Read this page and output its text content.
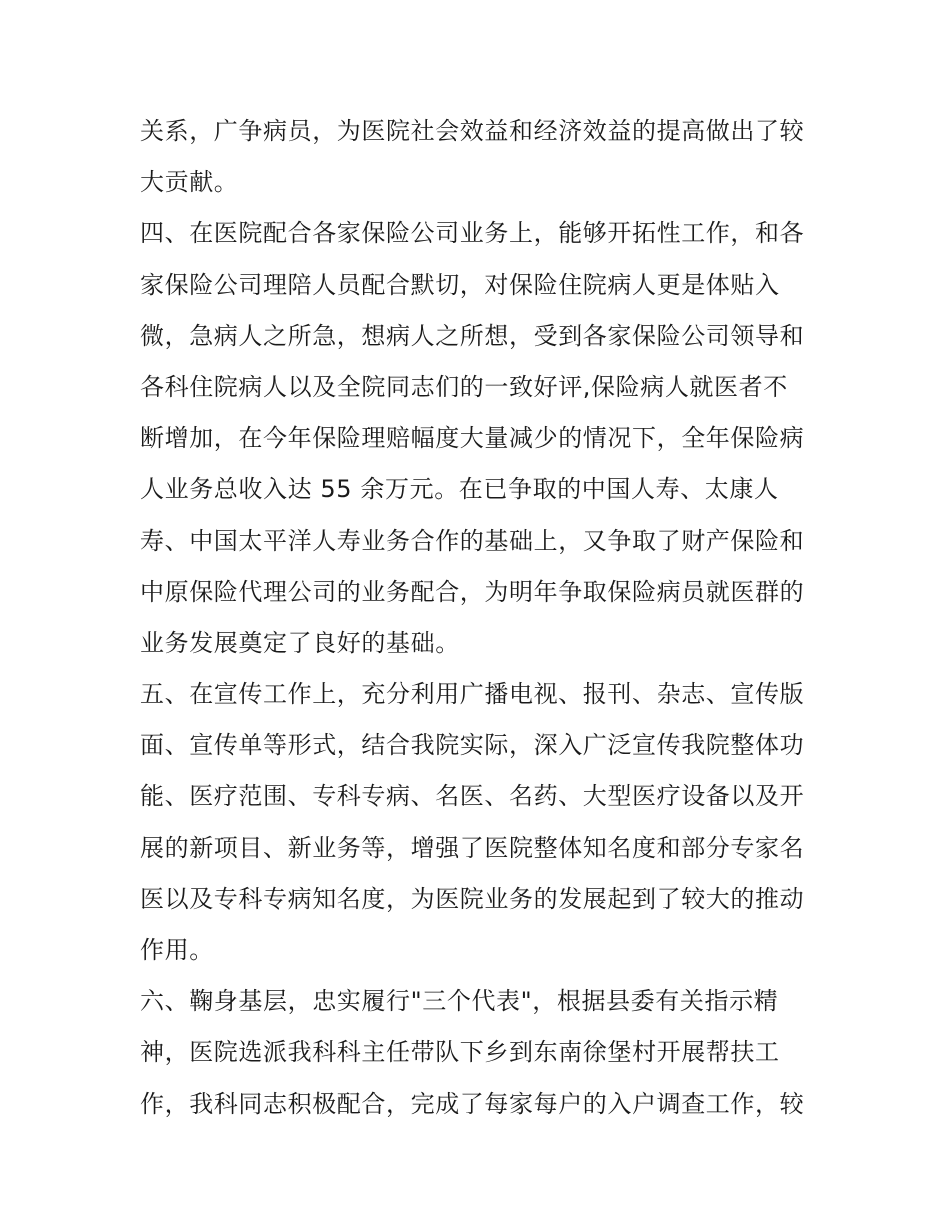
关系，广争病员，为医院社会效益和经济效益的提高做出了较
大贡献。
四、在医院配合各家保险公司业务上，能够开拓性工作，和各
家保险公司理陪人员配合默切，对保险住院病人更是体贴入
微，急病人之所急，想病人之所想，受到各家保险公司领导和
各科住院病人以及全院同志们的一致好评,保险病人就医者不
断增加，在今年保险理赔幅度大量减少的情况下，全年保险病
人业务总收入达 55 余万元。在已争取的中国人寿、太康人
寿、中国太平洋人寿业务合作的基础上，又争取了财产保险和
中原保险代理公司的业务配合，为明年争取保险病员就医群的
业务发展奠定了良好的基础。
五、在宣传工作上，充分利用广播电视、报刊、杂志、宣传版
面、宣传单等形式，结合我院实际，深入广泛宣传我院整体功
能、医疗范围、专科专病、名医、名药、大型医疗设备以及开
展的新项目、新业务等，增强了医院整体知名度和部分专家名
医以及专科专病知名度，为医院业务的发展起到了较大的推动
作用。
六、鞠身基层，忠实履行"三个代表"，根据县委有关指示精
神，医院选派我科科主任带队下乡到东南徐堡村开展帮扶工
作，我科同志积极配合，完成了每家每户的入户调查工作，较
